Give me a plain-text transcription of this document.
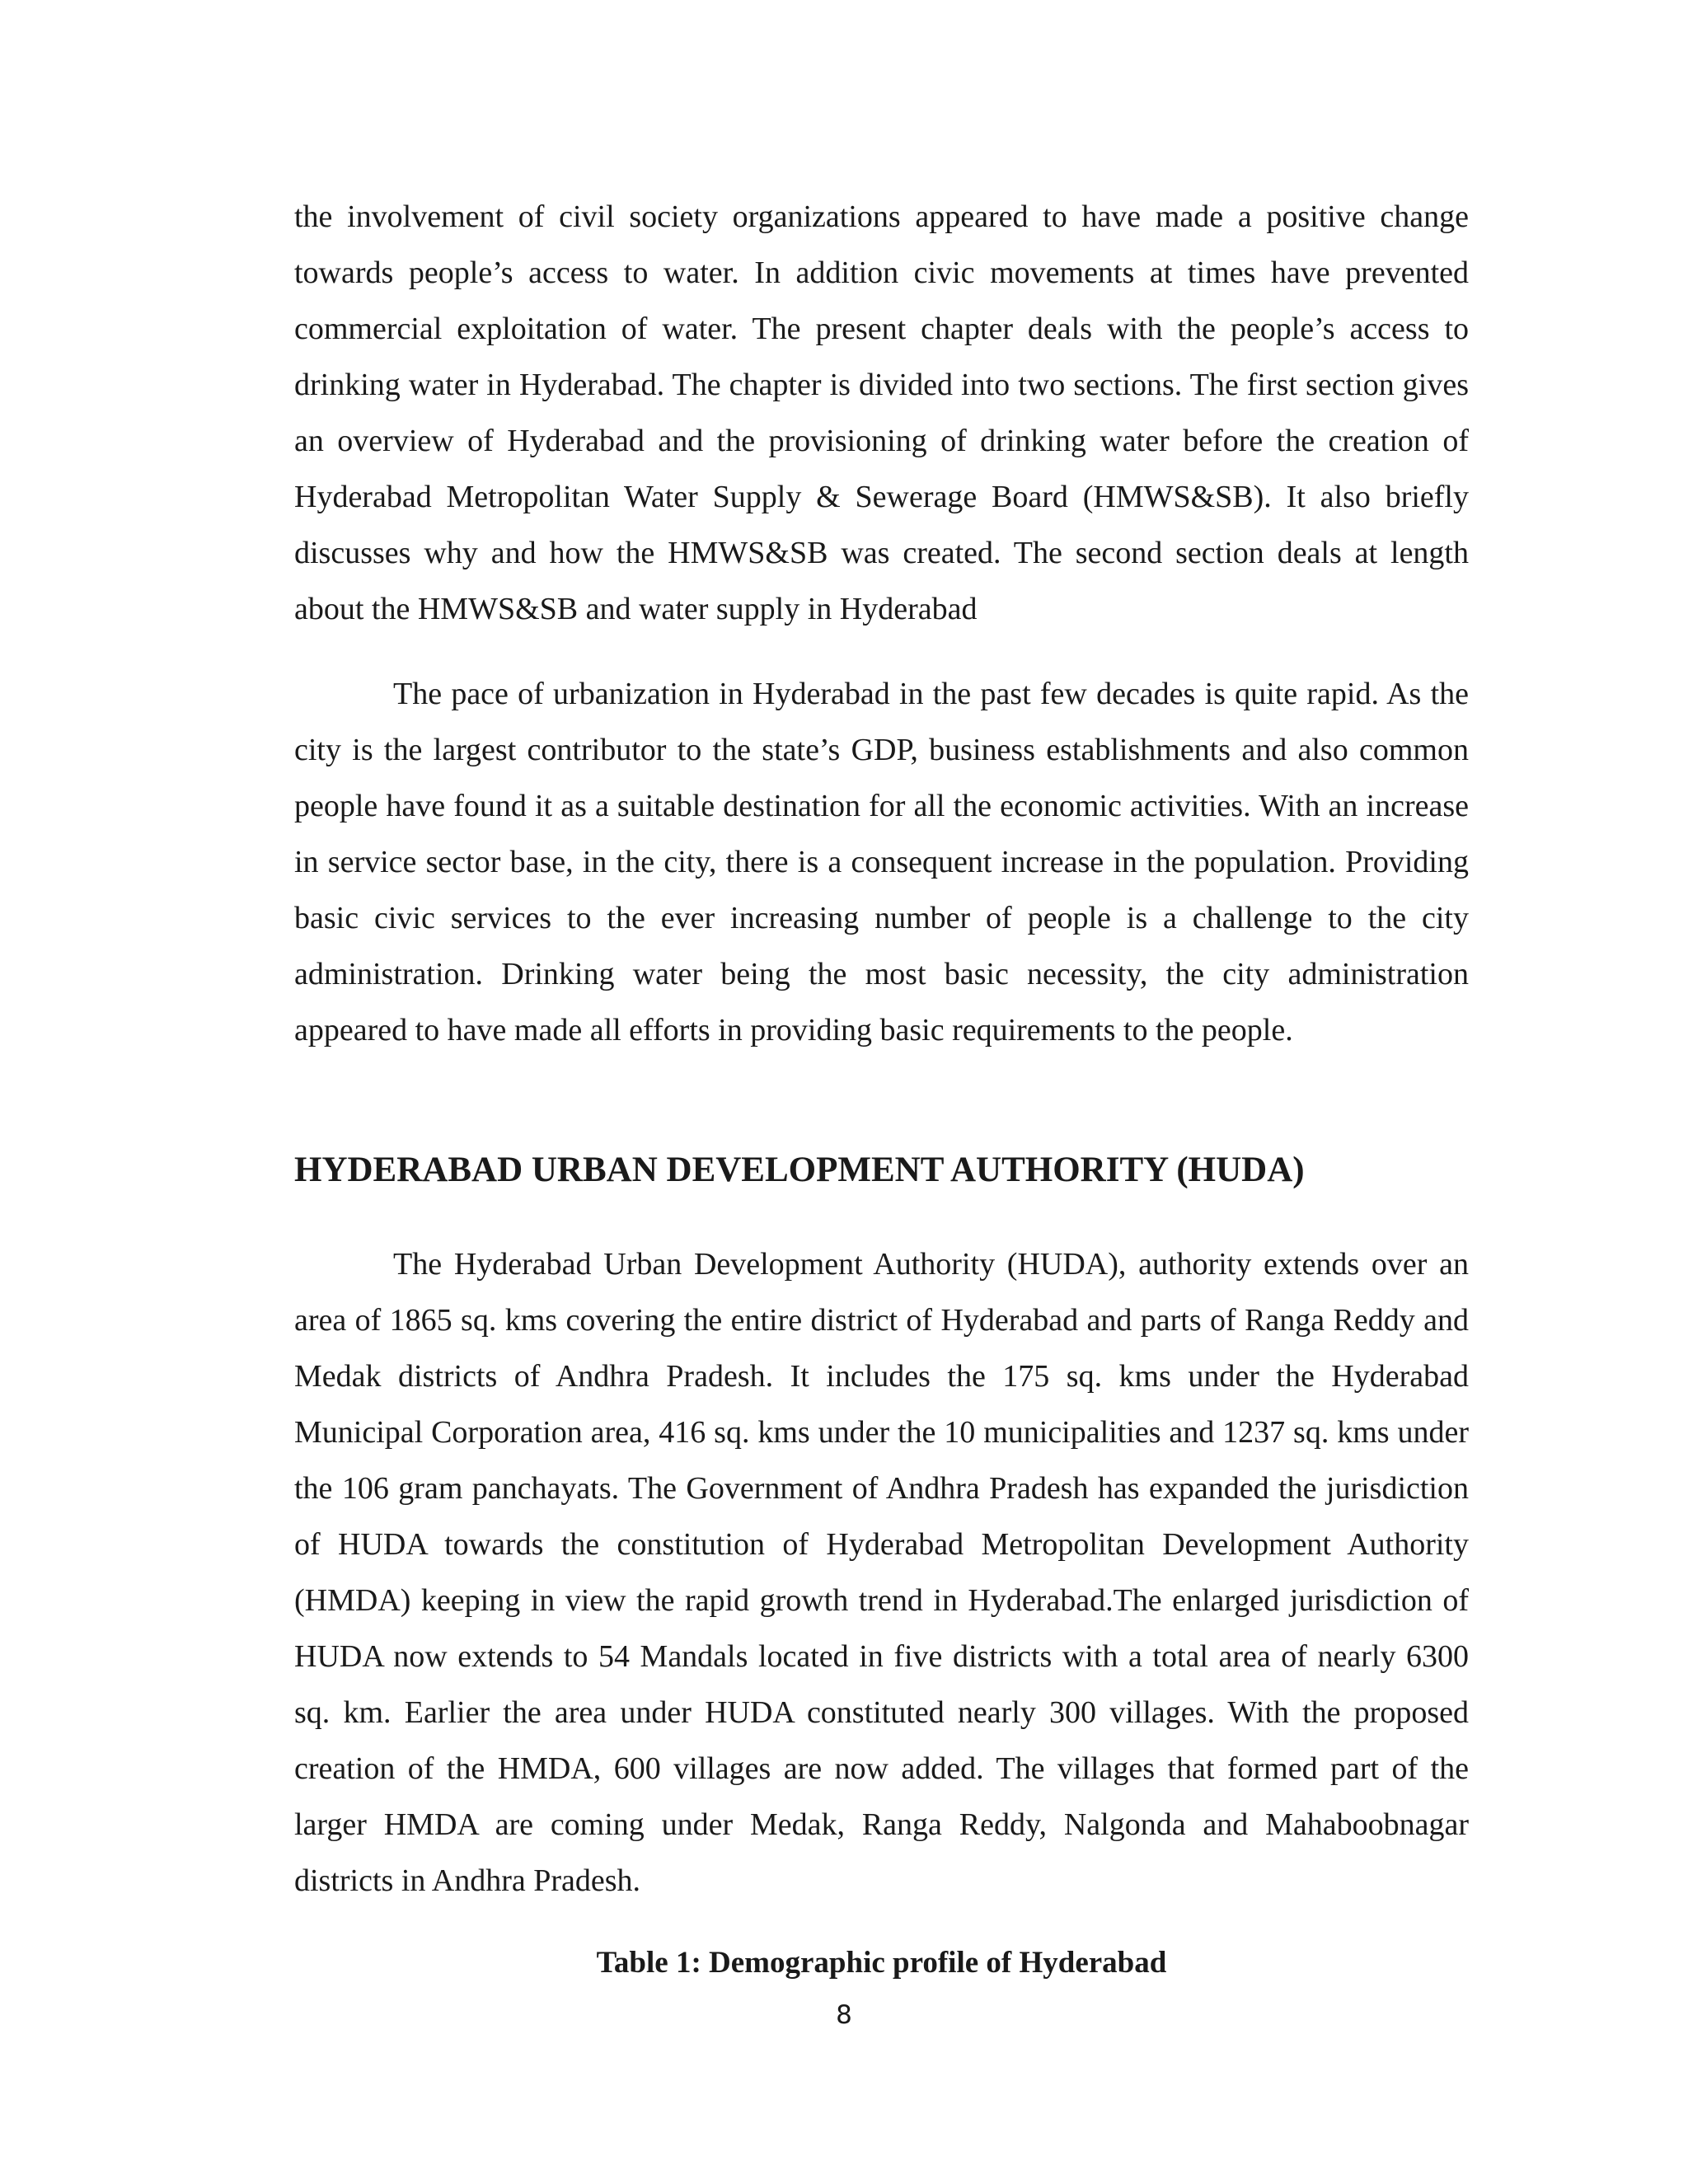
the involvement of civil society organizations appeared to have made a positive change towards people’s access to water. In addition civic movements at times have prevented commercial exploitation of water. The present chapter deals with the people’s access to drinking water in Hyderabad. The chapter is divided into two sections. The first section gives an overview of Hyderabad and the provisioning of drinking water before the creation of Hyderabad Metropolitan Water Supply & Sewerage Board (HMWS&SB). It also briefly discusses why and how the HMWS&SB was created. The second section deals at length about the HMWS&SB and water supply in Hyderabad

The pace of urbanization in Hyderabad in the past few decades is quite rapid. As the city is the largest contributor to the state’s GDP, business establishments and also common people have found it as a suitable destination for all the economic activities. With an increase in service sector base, in the city, there is a consequent increase in the population. Providing basic civic services to the ever increasing number of people is a challenge to the city administration. Drinking water being the most basic necessity, the city administration appeared to have made all efforts in providing basic requirements to the people.

HYDERABAD URBAN DEVELOPMENT AUTHORITY (HUDA)

The Hyderabad Urban Development Authority (HUDA), authority extends over an area of 1865 sq. kms covering the entire district of Hyderabad and parts of Ranga Reddy and Medak districts of Andhra Pradesh. It includes the 175 sq. kms under the Hyderabad Municipal Corporation area, 416 sq. kms under the 10 municipalities and 1237 sq. kms under the 106 gram panchayats. The Government of Andhra Pradesh has expanded the jurisdiction of HUDA towards the constitution of Hyderabad Metropolitan Development Authority (HMDA) keeping in view the rapid growth trend in Hyderabad.The enlarged jurisdiction of HUDA now extends to 54 Mandals located in five districts with a total area of nearly 6300 sq. km. Earlier the area under HUDA constituted nearly 300 villages. With the proposed creation of the HMDA, 600 villages are now added. The villages that formed part of the larger HMDA are coming under Medak, Ranga Reddy, Nalgonda and Mahaboobnagar districts in Andhra Pradesh.

Table 1: Demographic profile of Hyderabad

8
